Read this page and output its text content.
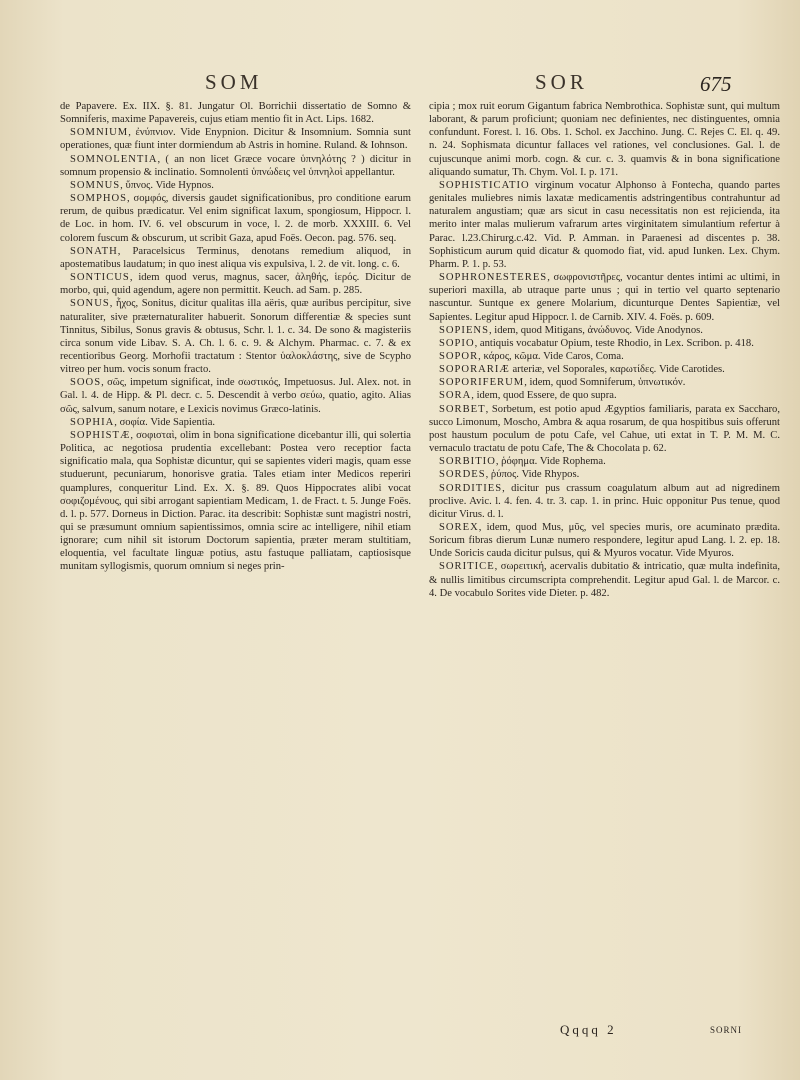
SOM	SOR	675

de Papavere. Ex. IIX. §. 81. Jungatur Ol. Borrichii dissertatio de Somno & Somniferis, maxime Papavereis, cujus etiam mentio fit in Act. Lips. 1682.

SOMNIUM, ἐνύπνιον. Vide Enypnion. Dicitur & Insomnium. Somnia sunt operationes, quæ fiunt inter dormiendum ab Astris in homine. Ruland. & Iohnson.

SOMNOLENTIA, ( an non licet Græce vocare ὑπνηλότης ? ) dicitur in somnum propensio & inclinatio. Somnolenti ὑπνώδεις vel ὑπνηλοὶ appellantur.

SOMNUS, ὕπνος. Vide Hypnos.

SOMPHOS, σομφός, diversis gaudet significationibus, pro conditione earum rerum, de quibus prædicatur. Vel enim significat laxum, spongiosum, Hippocr. l. de Loc. in hom. IV. 6. vel obscurum in voce, l. 2. de morb. XXXIII. 6. Vel colorem fuscum & obscurum, ut scribit Gaza, apud Foës. Oecon. pag. 576. seq.

SONATH, Paracelsicus Terminus, denotans remedium aliquod, in apostematibus laudatum; in quo inest aliqua vis expulsiva, l. 2. de vit. long. c. 6.

SONTICUS, idem quod verus, magnus, sacer, ἀληθής, ἱερός. Dicitur de morbo, qui, quid agendum, agere non permittit. Keuch. ad Sam. p. 285.

SONUS, ἦχος, Sonitus, dicitur qualitas illa aëris, quæ auribus percipitur, sive naturaliter, sive præternaturaliter habuerit. Sonorum differentiæ & species sunt Tinnitus, Sibilus, Sonus gravis & obtusus, Schr. l. 1. c. 34. De sono & magisteriis circa sonum vide Libav. S. A. Ch. l. 6. c. 9. & Alchym. Pharmac. c. 7. & ex recentioribus Georg. Morhofii tractatum : Stentor ὑαλοκλάστης, sive de Scypho vitreo per hum. vocis sonum fracto.

SOOS, σῶς, impetum significat, inde σωστικός, Impetuosus. Jul. Alex. not. in Gal. l. 4. de Hipp. & Pl. decr. c. 5. Descendit à verbo σεύω, quatio, agito. Alias σῶς, salvum, sanum notare, e Lexicis novimus Græco-latinis.

SOPHIA, σοφία. Vide Sapientia.

SOPHISTÆ, σοφισταὶ, olim in bona significatione dicebantur illi, qui solertia Politica, ac negotiosa prudentia excellebant: Postea vero receptior facta significatio mala, qua Sophistæ dicuntur, qui se sapientes videri magis, quam esse studuerunt, pecuniarum, honorisve gratia. Tales etiam inter Medicos reperiri quamplures, conqueritur Lind. Ex. X. §. 89. Quos Hippocrates alibi vocat σοφιζομένους, qui sibi arrogant sapientiam Medicam, 1. de Fract. t. 5. Junge Foës. d. l. p. 577. Dorneus in Diction. Parac. ita describit: Sophistæ sunt magistri nostri, qui se præsumunt omnium sapientissimos, omnia scire ac intelligere, nihil etiam ignorare; cum nihil sit istorum Doctorum sapientia, præter meram stultitiam, eloquentia, vel facultate linguæ potius, astu fastuque palliatam, captiosisque munitam syllogismis, quorum omnium si neges prin-

cipia ; mox ruit eorum Gigantum fabrica Nembrothica. Sophistæ sunt, qui multum laborant, & parum proficiunt; quoniam nec definientes, nec distinguentes, omnia confundunt. Forest. l. 16. Obs. 1. Schol. ex Jacchino. Jung. C. Rejes C. El. q. 49. n. 24. Sophismata dicuntur fallaces vel rationes, vel conclusiones. Gal. l. de cujuscunque animi morb. cogn. & cur. c. 3. quamvis & in bona significatione aliquando sumatur, Th. Chym. Vol. I. p. 171.

SOPHISTICATIO virginum vocatur Alphonso à Fontecha, quando partes genitales muliebres nimis laxatæ medicamentis adstringentibus contrahuntur ad naturalem angustiam; quæ ars sicut in casu necessitatis non est rejicienda, ita merito inter malas mulierum vafrarum artes virginitatem simulantium refertur à Parac. l.23.Chirurg.c.42. Vid. P. Amman. in Paraenesi ad discentes p. 38. Sophisticum aurum quid dicatur & quomodo fiat, vid. apud Iunken. Lex. Chym. Pharm. P. 1. p. 53.

SOPHRONESTERES, σωφρονιστῆρες, vocantur dentes intimi ac ultimi, in superiori maxilla, ab utraque parte unus ; qui in tertio vel quarto septenario nascuntur. Suntque ex genere Molarium, dicunturque Dentes Sapientiæ, vel Sapientes. Legitur apud Hippocr. l. de Carnib. XIV. 4. Foës. p. 609.

SOPIENS, idem, quod Mitigans, ἀνώδυνος. Vide Anodynos.

SOPIO, antiquis vocabatur Opium, teste Rhodio, in Lex. Scribon. p. 418.

SOPOR, κάρος, κῶμα. Vide Caros, Coma.

SOPORARIÆ arteriæ, vel Soporales, καρωτίδες. Vide Carotides.

SOPORIFERUM, idem, quod Somniferum, ὑπνωτικόν.

SORA, idem, quod Essere, de quo supra.

SORBET, Sorbetum, est potio apud Ægyptios familiaris, parata ex Saccharo, succo Limonum, Moscho, Ambra & aqua rosarum, de qua hospitibus suis offerunt post haustum poculum de potu Cafe, vel Cahue, uti extat in T. P. M. M. C. vernaculo tractatu de potu Cafe, The & Chocolata p. 62.

SORBITIO, ῥόφημα. Vide Rophema.

SORDES, ῥύπος. Vide Rhypos.

SORDITIES, dicitur pus crassum coagulatum album aut ad nigredinem proclive. Avic. l. 4. fen. 4. tr. 3. cap. 1. in princ. Huic opponitur Pus tenue, quod dicitur Virus. d. l.

SOREX, idem, quod Mus, μῦς, vel species muris, ore acuminato prædita. Soricum fibras dierum Lunæ numero respondere, legitur apud Lang. l. 2. ep. 18. Unde Soricis cauda dicitur pulsus, qui & Myuros vocatur. Vide Myuros.

SORITICE, σωρειτική, acervalis dubitatio & intricatio, quæ multa indefinita, & nullis limitibus circumscripta comprehendit. Legitur apud Gal. l. de Marcor. c. 4. De vocabulo Sorites vide Dieter. p. 482.

Qqqq 2	SORNI
